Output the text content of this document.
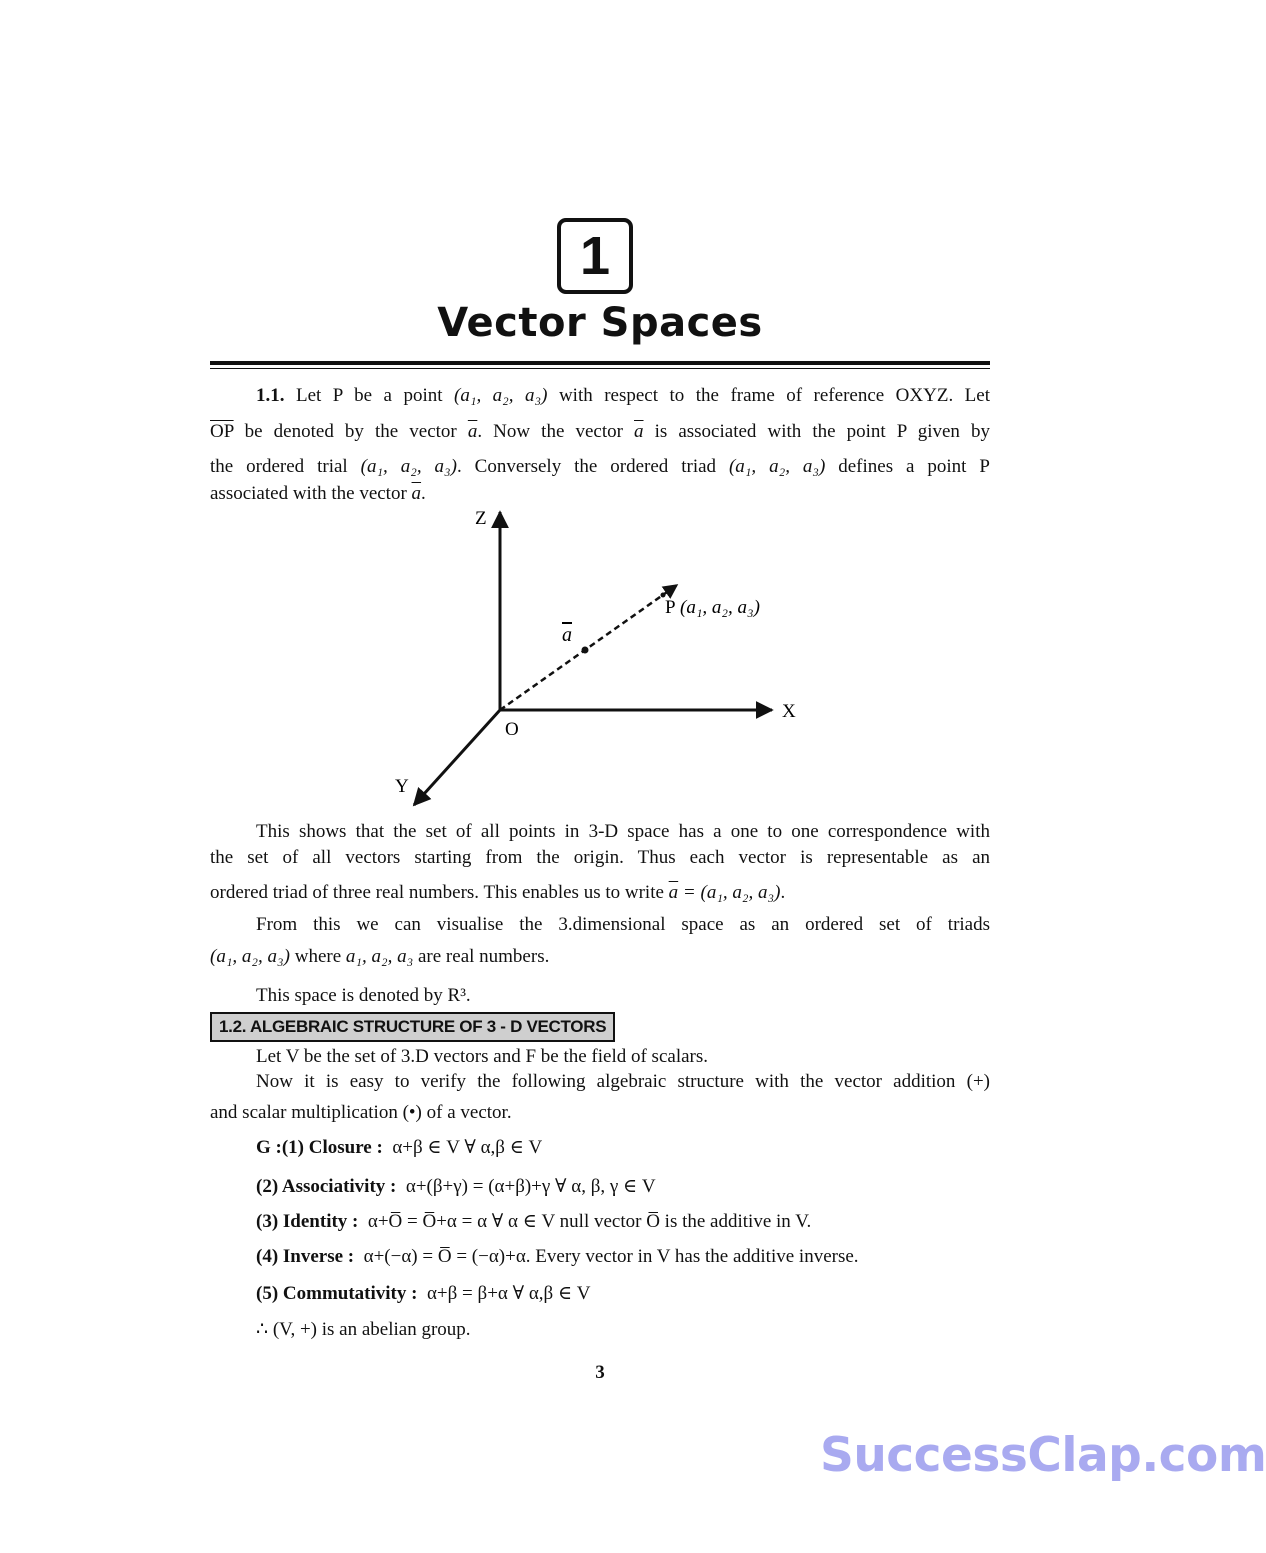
1
Vector Spaces
1.1. Let P be a point (a₁, a₂, a₃) with respect to the frame of reference OXYZ. Let
$\overline{OP}$ be denoted by the vector $\overline{a}$. Now the vector $\overline{a}$ is associated with the point P given by
the ordered trial (a₁, a₂, a₃). Conversely the ordered triad (a₁, a₂, a₃) defines a point P
associated with the vector $\overline{a}$.
Z
X
Y
O
a
P (a₁, a₂, a₃)
This shows that the set of all points in 3-D space has a one to one correspondence with
the set of all vectors starting from the origin. Thus each vector is representable as an
ordered triad of three real numbers. This enables us to write $\overline{a} = (a_1$, a₂, a₃).
From this we can visualise the 3.dimensional space as an ordered set of triads
(a₁, a₂, a₃) where a₁, a₂, a₃ are real numbers.
This space is denoted by R³.
1.2. ALGEBRAIC STRUCTURE OF 3 - D VECTORS
Let V be the set of 3.D vectors and F be the field of scalars.
Now it is easy to verify the following algebraic structure with the vector addition (+)
and scalar multiplication (•) of a vector.
G :(1) Closure : α+β ∈ V ∀ α,β ∈ V
(2) Associativity : α+(β+γ) = (α+β)+γ ∀ α, β, γ ∈ V
(3) Identity : α+O̅ = O̅+α = α ∀ α ∈ V null vector O̅ is the additive in V.
(4) Inverse : α+(−α) = O̅ = (−α)+α. Every vector in V has the additive inverse.
(5) Commutativity : α+β = β+α ∀ α,β ∈ V
∴ (V, +) is an abelian group.
3
SuccessClap.com
